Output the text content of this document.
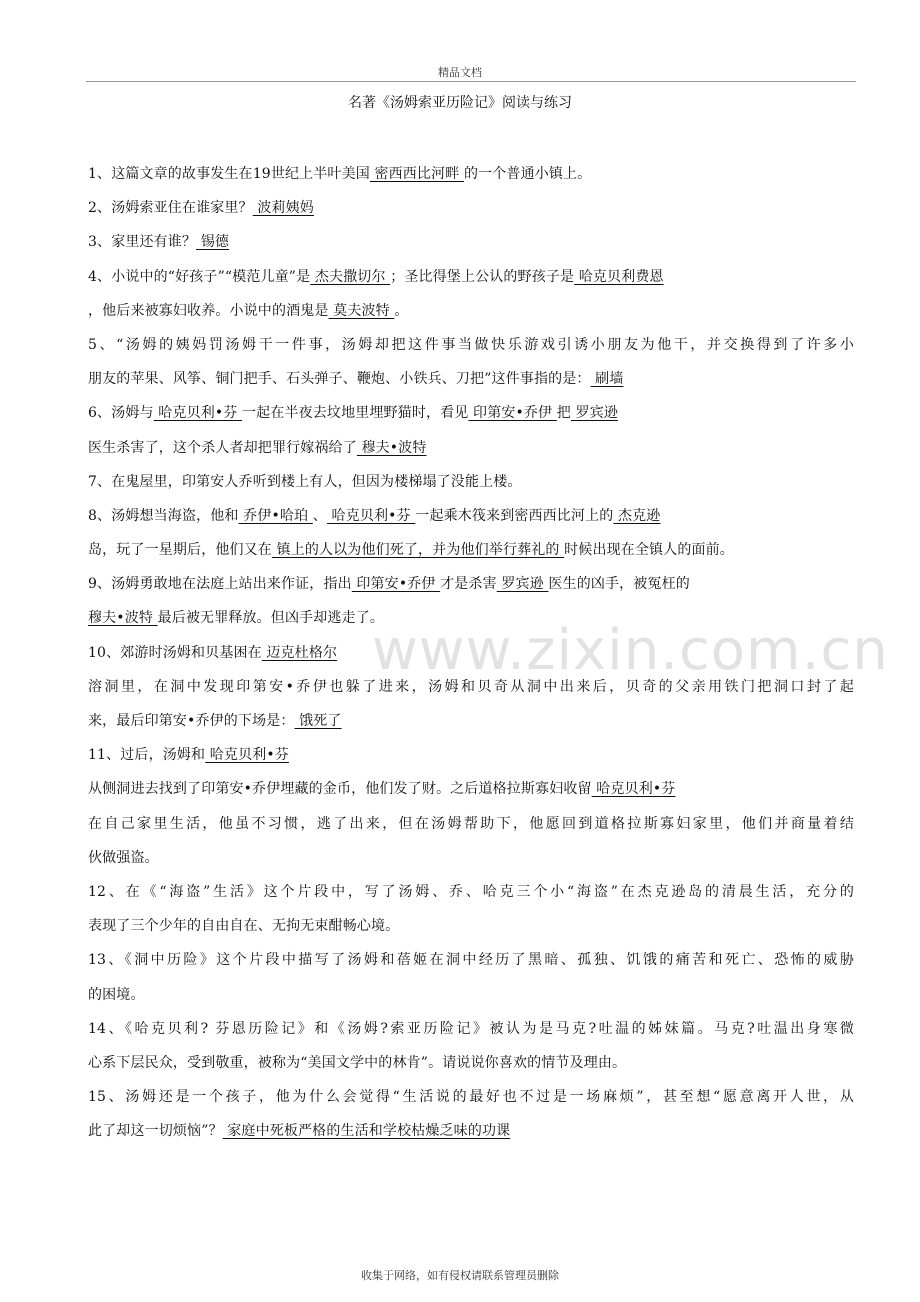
精品文档
名著《汤姆索亚历险记》阅读与练习
www.zixin.com.cn
1、这篇文章的故事发生在19世纪上半叶美国 密西西比河畔 的一个普通小镇上。
2、汤姆索亚住在谁家里？ 波莉姨妈
3、家里还有谁？ 锡德
4、小说中的“好孩子”“模范儿童”是 杰夫撒切尔 ；圣比得堡上公认的野孩子是 哈克贝利费恩
，他后来被寡妇收养。小说中的酒鬼是 莫夫波特 。
5、“汤姆的姨妈罚汤姆干一件事，汤姆却把这件事当做快乐游戏引诱小朋友为他干，并交换得到了许多小
朋友的苹果、风筝、铜门把手、石头弹子、鞭炮、小铁兵、刀把”这件事指的是： 刷墙
6、汤姆与 哈克贝利•芬 一起在半夜去坟地里埋野猫时，看见 印第安•乔伊 把 罗宾逊
医生杀害了，这个杀人者却把罪行嫁祸给了 穆夫•波特
7、在鬼屋里，印第安人乔听到楼上有人，但因为楼梯塌了没能上楼。
8、汤姆想当海盗，他和 乔伊•哈珀 、 哈克贝利•芬 一起乘木筏来到密西西比河上的 杰克逊
岛，玩了一星期后，他们又在 镇上的人以为他们死了，并为他们举行葬礼的 时候出现在全镇人的面前。
9、汤姆勇敢地在法庭上站出来作证，指出 印第安•乔伊 才是杀害 罗宾逊 医生的凶手，被冤枉的
穆夫•波特 最后被无罪释放。但凶手却逃走了。
10、郊游时汤姆和贝基困在 迈克杜格尔
溶洞里，在洞中发现印第安•乔伊也躲了进来，汤姆和贝奇从洞中出来后，贝奇的父亲用铁门把洞口封了起
来，最后印第安•乔伊的下场是： 饿死了
11、过后，汤姆和 哈克贝利•芬
从侧洞进去找到了印第安•乔伊埋藏的金币，他们发了财。之后道格拉斯寡妇收留 哈克贝利•芬
在自己家里生活，他虽不习惯，逃了出来，但在汤姆帮助下，他愿回到道格拉斯寡妇家里，他们并商量着结
伙做强盗。
12、在《“海盗”生活》这个片段中，写了汤姆、乔、哈克三个小“海盗”在杰克逊岛的清晨生活，充分的
表现了三个少年的自由自在、无拘无束酣畅心境。
13、《洞中历险》这个片段中描写了汤姆和蓓姬在洞中经历了黑暗、孤独、饥饿的痛苦和死亡、恐怖的威胁
的困境。
14、《哈克贝利? 芬恩历险记》和《汤姆?索亚历险记》被认为是马克?吐温的姊妹篇。马克?吐温出身寒微
心系下层民众，受到敬重，被称为“美国文学中的林肯”。请说说你喜欢的情节及理由。
15、汤姆还是一个孩子，他为什么会觉得“生活说的最好也不过是一场麻烦”，甚至想“愿意离开人世，从
此了却这一切烦恼”？ 家庭中死板严格的生活和学校枯燥乏味的功课
收集于网络，如有侵权请联系管理员删除
